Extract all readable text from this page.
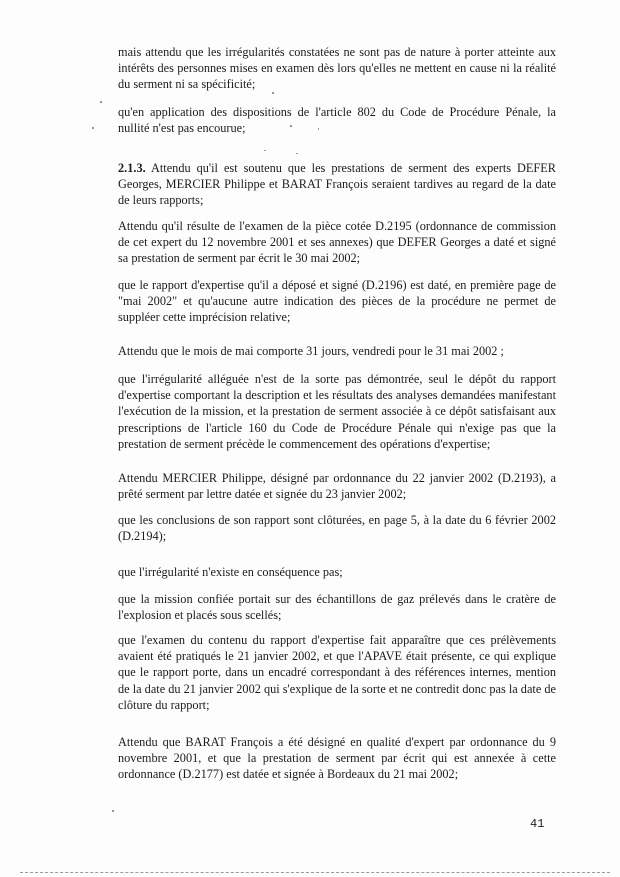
mais attendu que les irrégularités constatées ne sont pas de nature à porter atteinte aux intérêts des personnes mises en examen dès lors qu'elles ne mettent en cause ni la réalité du serment ni sa spécificité;

qu'en application des dispositions de l'article 802 du Code de Procédure Pénale, la nullité n'est pas encourue;

2.1.3. Attendu qu'il est soutenu que les prestations de serment des experts DEFER Georges, MERCIER Philippe et BARAT François seraient tardives au regard de la date de leurs rapports;

Attendu qu'il résulte de l'examen de la pièce cotée D.2195 (ordonnance de commission de cet expert du 12 novembre 2001 et ses annexes) que DEFER Georges a daté et signé sa prestation de serment par écrit le 30 mai 2002;

que le rapport d'expertise qu'il a déposé et signé (D.2196) est daté, en première page de "mai 2002" et qu'aucune autre indication des pièces de la procédure ne permet de suppléer cette imprécision relative;

Attendu que le mois de mai comporte 31 jours, vendredi pour le 31 mai 2002 ;

que l'irrégularité alléguée n'est de la sorte pas démontrée, seul le dépôt du rapport d'expertise comportant la description et les résultats des analyses demandées manifestant l'exécution de la mission, et la prestation de serment associée à ce dépôt satisfaisant aux prescriptions de l'article 160 du Code de Procédure Pénale qui n'exige pas que la prestation de serment précède le commencement des opérations d'expertise;

Attendu MERCIER Philippe, désigné par ordonnance du 22 janvier 2002 (D.2193), a prêté serment par lettre datée et signée du 23 janvier 2002;

que les conclusions de son rapport sont clôturées, en page 5, à la date du 6 février 2002 (D.2194);

que l'irrégularité n'existe en conséquence pas;

que la mission confiée portait sur des échantillons de gaz prélevés dans le cratère de l'explosion et placés sous scellés;

que l'examen du contenu du rapport d'expertise fait apparaître que ces prélèvements avaient été pratiqués le 21 janvier 2002, et que l'APAVE était présente, ce qui explique que le rapport porte, dans un encadré correspondant à des références internes, mention de la date du 21 janvier 2002 qui s'explique de la sorte et ne contredit donc pas la date de clôture du rapport;

Attendu que BARAT François a été désigné en qualité d'expert par ordonnance du 9 novembre 2001, et que la prestation de serment par écrit qui est annexée à cette ordonnance (D.2177) est datée et signée à Bordeaux du 21 mai 2002;

41
